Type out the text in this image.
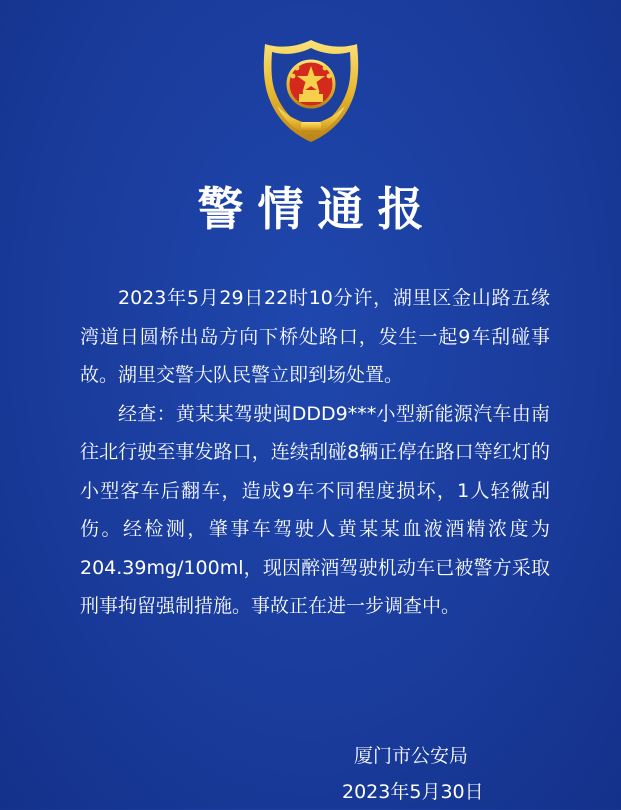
警情通报

2023年5月29日22时10分许，湖里区金山路五缘湾道日圆桥出岛方向下桥处路口，发生一起9车刮碰事故。湖里交警大队民警立即到场处置。

经查：黄某某驾驶闽DDD9***小型新能源汽车由南往北行驶至事发路口，连续刮碰8辆正停在路口等红灯的小型客车后翻车，造成9车不同程度损坏，1人轻微刮伤。经检测，肇事车驾驶人黄某某血液酒精浓度为204.39mg/100ml，现因醉酒驾驶机动车已被警方采取刑事拘留强制措施。事故正在进一步调查中。

厦门市公安局
2023年5月30日
